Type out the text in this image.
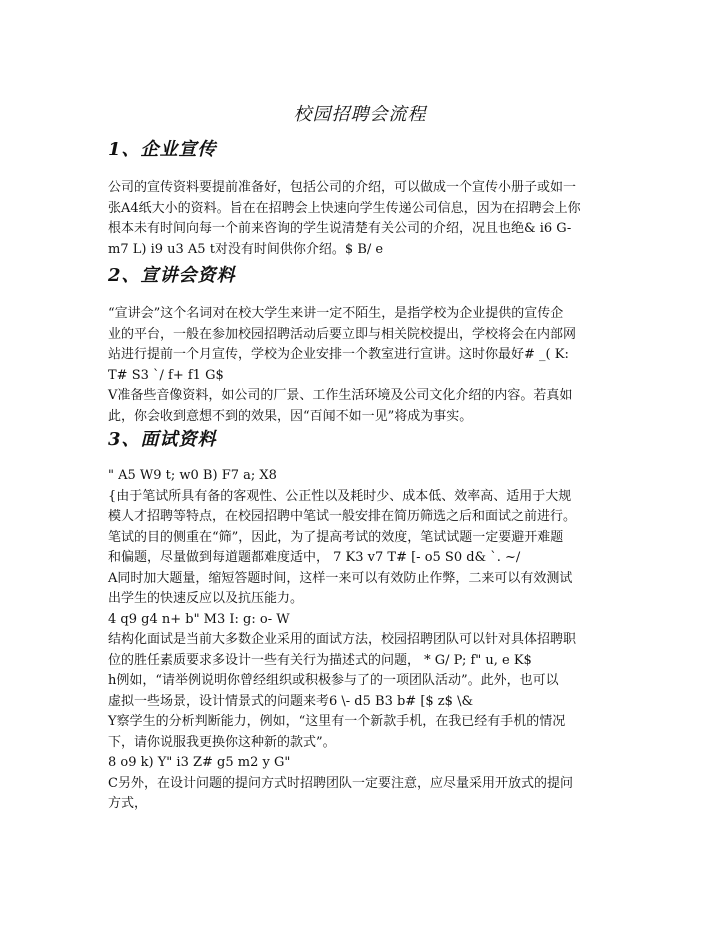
校园招聘会流程
1、企业宣传
公司的宣传资料要提前准备好，包括公司的介绍，可以做成一个宣传小册子或如一
张A4纸大小的资料。旨在在招聘会上快速向学生传递公司信息，因为在招聘会上你
根本未有时间向每一个前来咨询的学生说清楚有关公司的介绍，况且也绝& i6 G-
m7 L) i9 u3 A5 t对没有时间供你介绍。$ B/ e
2、宣讲会资料
“宣讲会”这个名词对在校大学生来讲一定不陌生，是指学校为企业提供的宣传企
业的平台，一般在参加校园招聘活动后要立即与相关院校提出，学校将会在内部网
站进行提前一个月宣传，学校为企业安排一个教室进行宣讲。这时你最好# _( K:
T# S3 `/ f+ f1 G$
V准备些音像资料，如公司的厂景、工作生活环境及公司文化介绍的内容。若真如
此，你会收到意想不到的效果，因“百闻不如一见”将成为事实。
3、面试资料
" A5 W9 t; w0 B) F7 a; X8
{由于笔试所具有备的客观性、公正性以及耗时少、成本低、效率高、适用于大规
模人才招聘等特点，在校园招聘中笔试一般安排在简历筛选之后和面试之前进行。
笔试的目的侧重在“筛”，因此，为了提高考试的效度，笔试试题一定要避开难题
和偏题，尽量做到每道题都难度适中， 7 K3 v7 T# [- o5 S0 d& `. ~/
A同时加大题量，缩短答题时间，这样一来可以有效防止作弊，二来可以有效测试
出学生的快速反应以及抗压能力。
4 q9 g4 n+ b" M3 I: g: o- W
结构化面试是当前大多数企业采用的面试方法，校园招聘团队可以针对具体招聘职
位的胜任素质要求多设计一些有关行为描述式的问题， * G/ P; f" u, e K$
h例如，“请举例说明你曾经组织或积极参与了的一项团队活动”。此外，也可以
虚拟一些场景，设计情景式的问题来考6 \- d5 B3 b# [$ z$ \&
Y察学生的分析判断能力，例如，“这里有一个新款手机，在我已经有手机的情况
下，请你说服我更换你这种新的款式”。
8 o9 k) Y" i3 Z# g5 m2 y G"
C另外，在设计问题的提问方式时招聘团队一定要注意，应尽量采用开放式的提问
方式，
